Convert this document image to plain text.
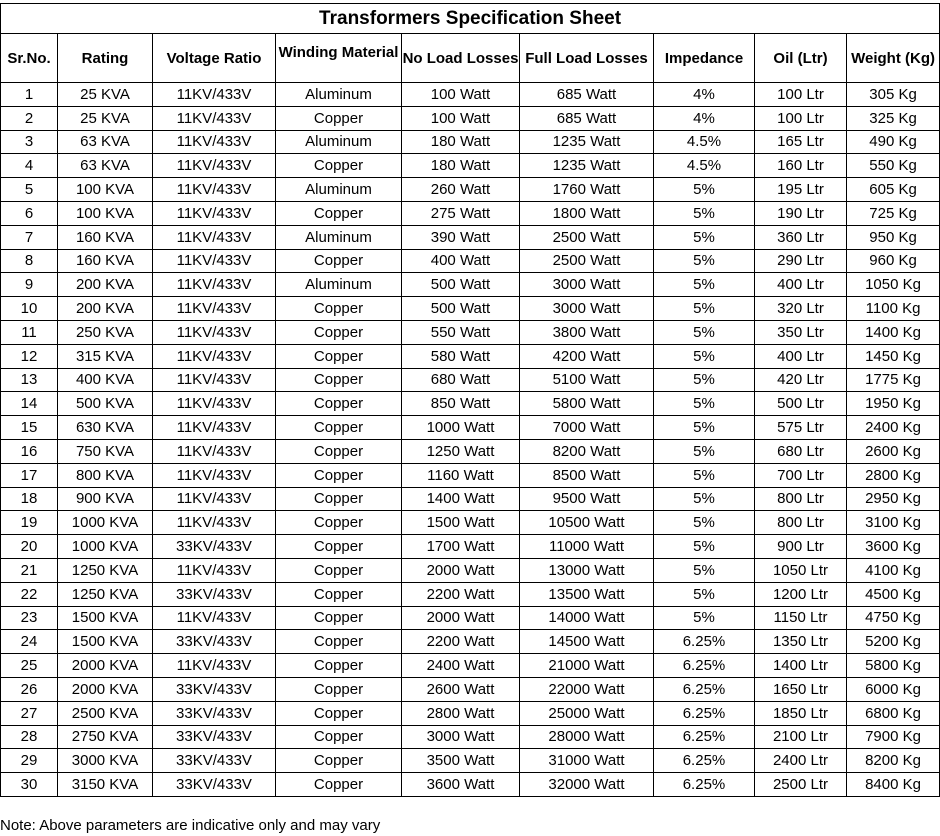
Transformers Specification Sheet								
Sr.No.	Rating	Voltage Ratio	Winding Material	No Load Losses	Full Load Losses	Impedance	Oil (Ltr)	Weight (Kg)
1	25 KVA	11KV/433V	Aluminum	100 Watt	685 Watt	4%	100 Ltr	305 Kg
2	25 KVA	11KV/433V	Copper	100 Watt	685 Watt	4%	100 Ltr	325 Kg
3	63 KVA	11KV/433V	Aluminum	180 Watt	1235 Watt	4.5%	165 Ltr	490 Kg
4	63 KVA	11KV/433V	Copper	180 Watt	1235 Watt	4.5%	160 Ltr	550 Kg
5	100 KVA	11KV/433V	Aluminum	260 Watt	1760 Watt	5%	195 Ltr	605 Kg
6	100 KVA	11KV/433V	Copper	275 Watt	1800 Watt	5%	190 Ltr	725 Kg
7	160 KVA	11KV/433V	Aluminum	390 Watt	2500 Watt	5%	360 Ltr	950 Kg
8	160 KVA	11KV/433V	Copper	400 Watt	2500 Watt	5%	290 Ltr	960 Kg
9	200 KVA	11KV/433V	Aluminum	500 Watt	3000 Watt	5%	400 Ltr	1050 Kg
10	200 KVA	11KV/433V	Copper	500 Watt	3000 Watt	5%	320 Ltr	1100 Kg
11	250 KVA	11KV/433V	Copper	550 Watt	3800 Watt	5%	350 Ltr	1400 Kg
12	315 KVA	11KV/433V	Copper	580 Watt	4200 Watt	5%	400 Ltr	1450 Kg
13	400 KVA	11KV/433V	Copper	680 Watt	5100 Watt	5%	420 Ltr	1775 Kg
14	500 KVA	11KV/433V	Copper	850 Watt	5800 Watt	5%	500 Ltr	1950 Kg
15	630 KVA	11KV/433V	Copper	1000 Watt	7000 Watt	5%	575 Ltr	2400 Kg
16	750 KVA	11KV/433V	Copper	1250 Watt	8200 Watt	5%	680 Ltr	2600 Kg
17	800 KVA	11KV/433V	Copper	1160 Watt	8500 Watt	5%	700 Ltr	2800 Kg
18	900 KVA	11KV/433V	Copper	1400 Watt	9500 Watt	5%	800 Ltr	2950 Kg
19	1000 KVA	11KV/433V	Copper	1500 Watt	10500 Watt	5%	800 Ltr	3100 Kg
20	1000 KVA	33KV/433V	Copper	1700 Watt	11000 Watt	5%	900 Ltr	3600 Kg
21	1250 KVA	11KV/433V	Copper	2000 Watt	13000 Watt	5%	1050 Ltr	4100 Kg
22	1250 KVA	33KV/433V	Copper	2200 Watt	13500 Watt	5%	1200 Ltr	4500 Kg
23	1500 KVA	11KV/433V	Copper	2000 Watt	14000 Watt	5%	1150 Ltr	4750 Kg
24	1500 KVA	33KV/433V	Copper	2200 Watt	14500 Watt	6.25%	1350 Ltr	5200 Kg
25	2000 KVA	11KV/433V	Copper	2400 Watt	21000 Watt	6.25%	1400 Ltr	5800 Kg
26	2000 KVA	33KV/433V	Copper	2600 Watt	22000 Watt	6.25%	1650 Ltr	6000 Kg
27	2500 KVA	33KV/433V	Copper	2800 Watt	25000 Watt	6.25%	1850 Ltr	6800 Kg
28	2750 KVA	33KV/433V	Copper	3000 Watt	28000 Watt	6.25%	2100 Ltr	7900 Kg
29	3000 KVA	33KV/433V	Copper	3500 Watt	31000 Watt	6.25%	2400 Ltr	8200 Kg
30	3150 KVA	33KV/433V	Copper	3600 Watt	32000 Watt	6.25%	2500 Ltr	8400 Kg
Note: Above parameters are indicative only and may vary
